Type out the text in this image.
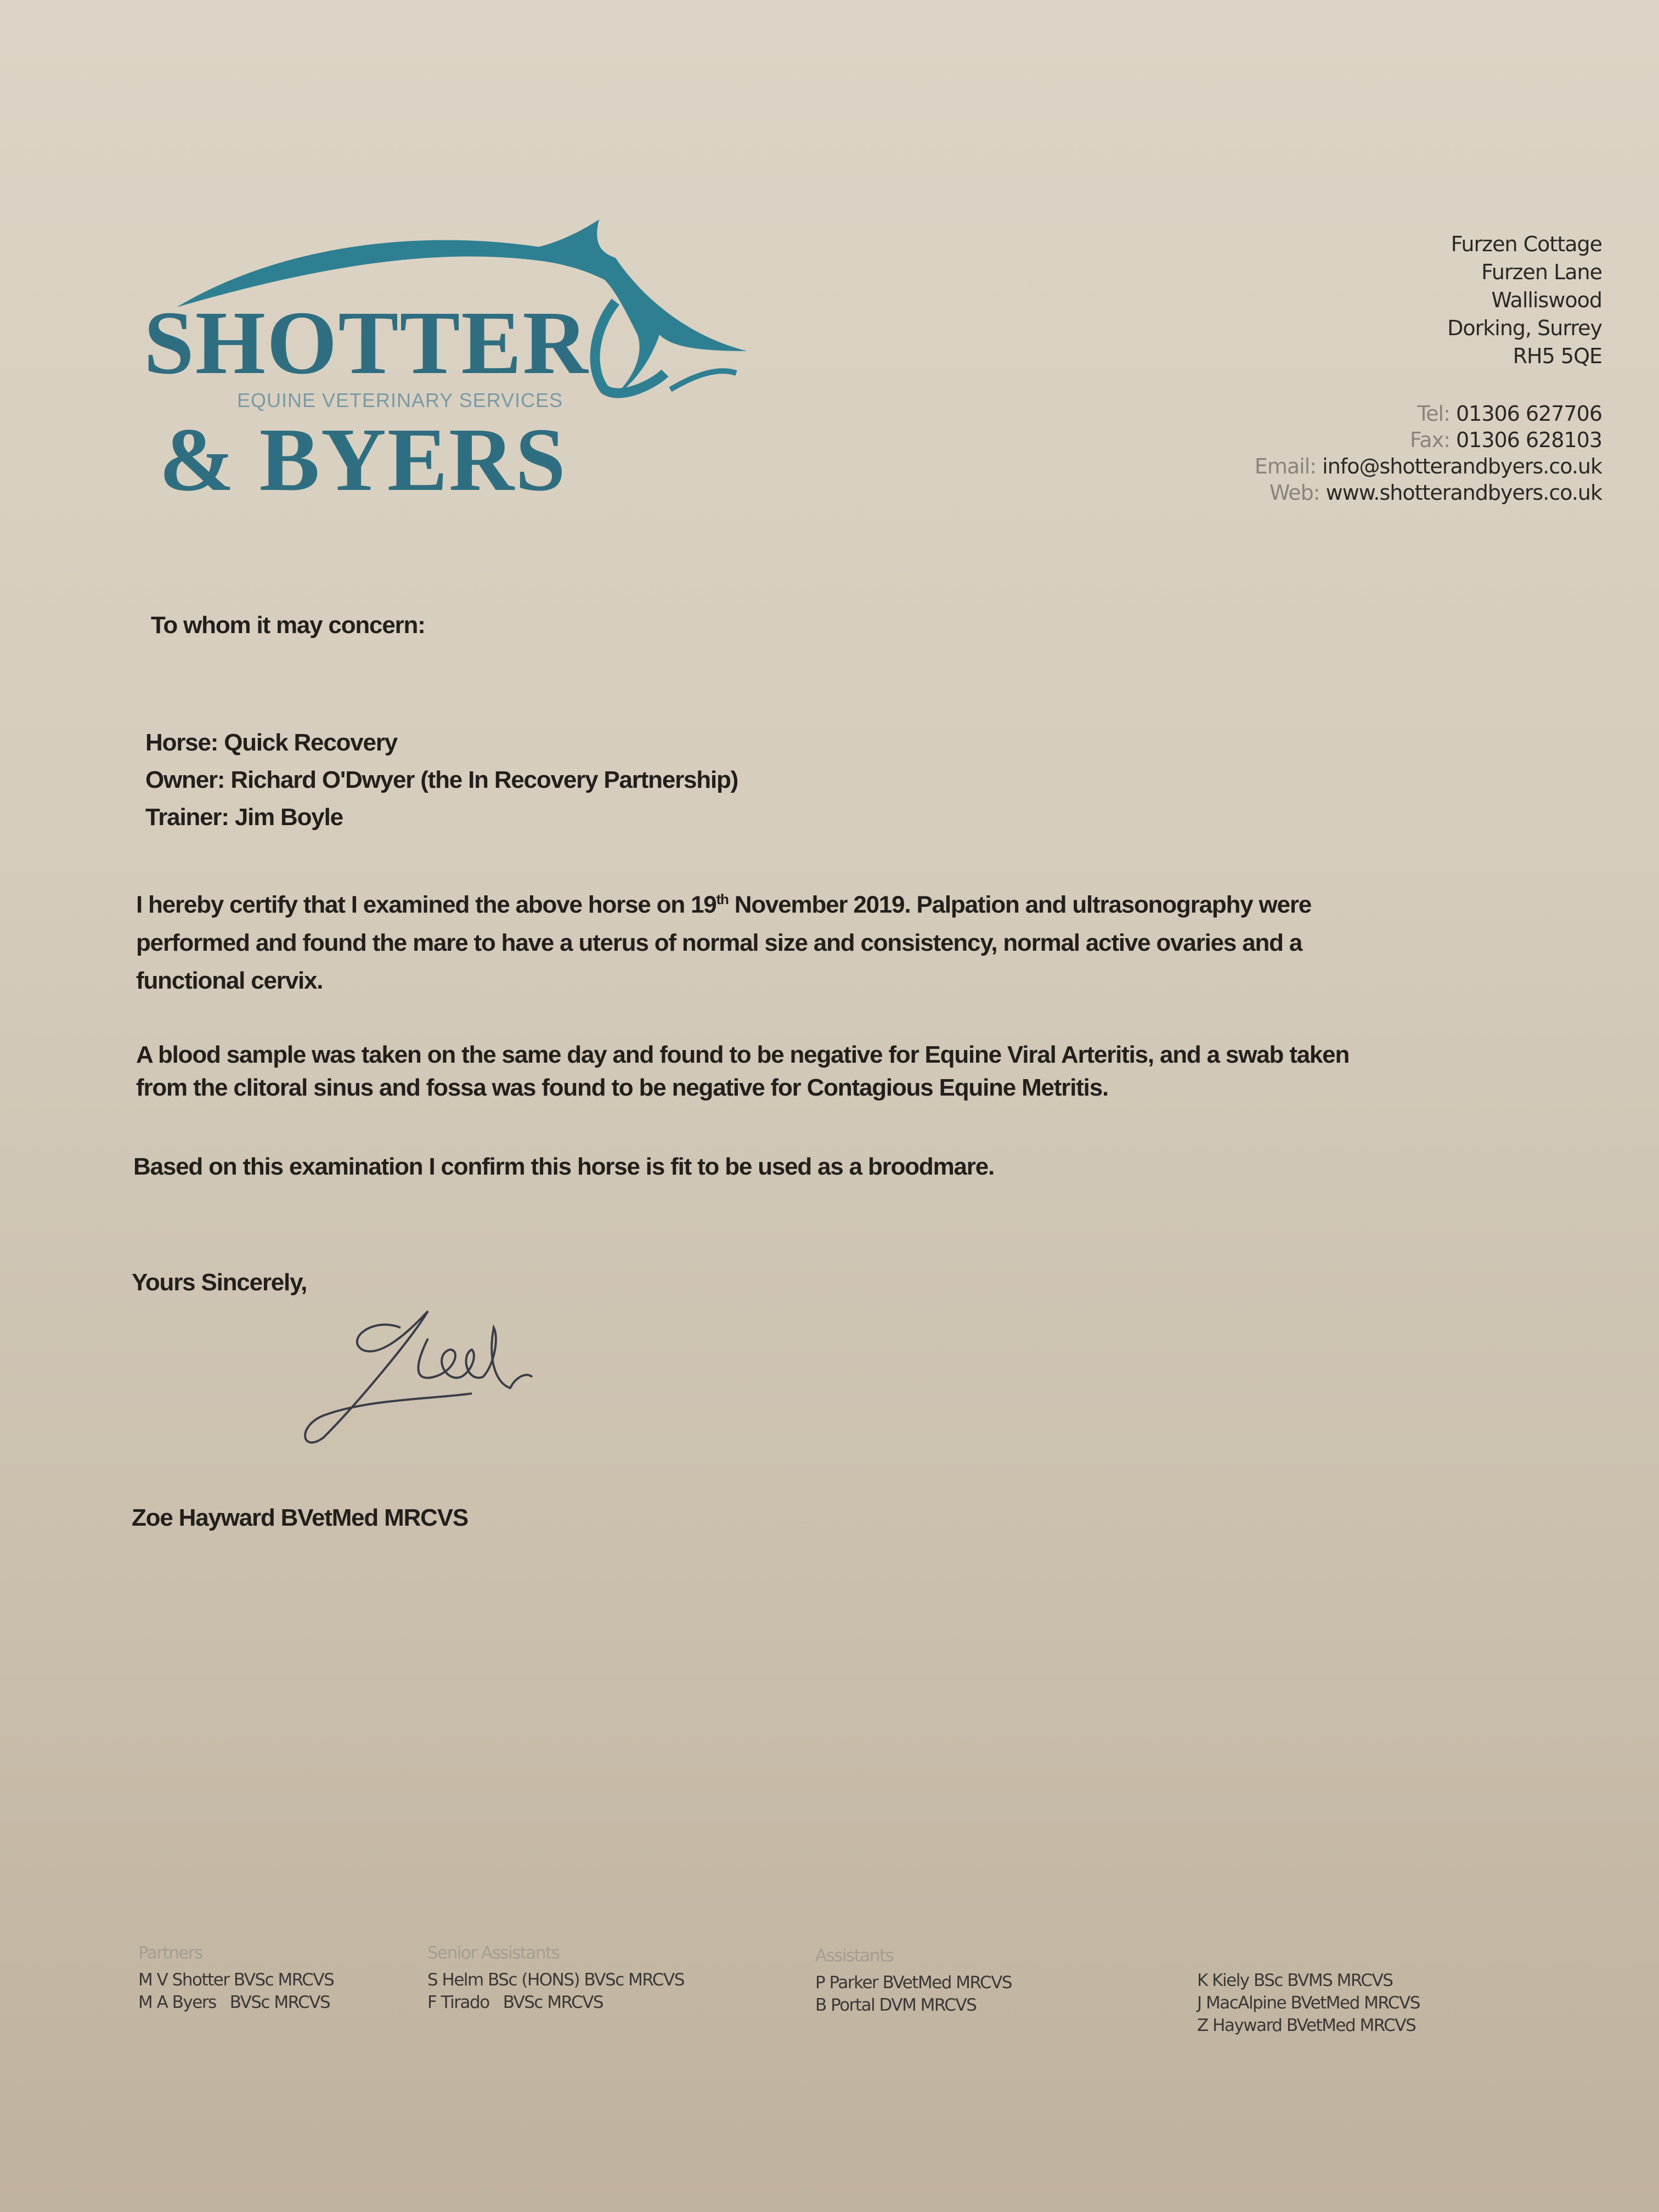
SHOTTER
EQUINE VETERINARY SERVICES
& BYERS
Furzen Cottage
Furzen Lane
Walliswood
Dorking, Surrey
RH5 5QE
Tel: 01306 627706
Fax: 01306 628103
Email: info@shotterandbyers.co.uk
Web: www.shotterandbyers.co.uk
To whom it may concern:
Horse: Quick Recovery
Owner: Richard O'Dwyer (the In Recovery Partnership)
Trainer: Jim Boyle
I hereby certify that I examined the above horse on 19th November 2019. Palpation and ultrasonography were
performed and found the mare to have a uterus of normal size and consistency, normal active ovaries and a
functional cervix.
A blood sample was taken on the same day and found to be negative for Equine Viral Arteritis, and a swab taken
from the clitoral sinus and fossa was found to be negative for Contagious Equine Metritis.
Based on this examination I confirm this horse is fit to be used as a broodmare.
Yours Sincerely,
Zoe Hayward BVetMed MRCVS
Partners
M V Shotter BVSc MRCVS
M A Byers   BVSc MRCVS
Senior Assistants
S Helm BSc (HONS) BVSc MRCVS
F Tirado   BVSc MRCVS
Assistants
P Parker BVetMed MRCVS
B Portal DVM MRCVS
K Kiely BSc BVMS MRCVS
J MacAlpine BVetMed MRCVS
Z Hayward BVetMed MRCVS
